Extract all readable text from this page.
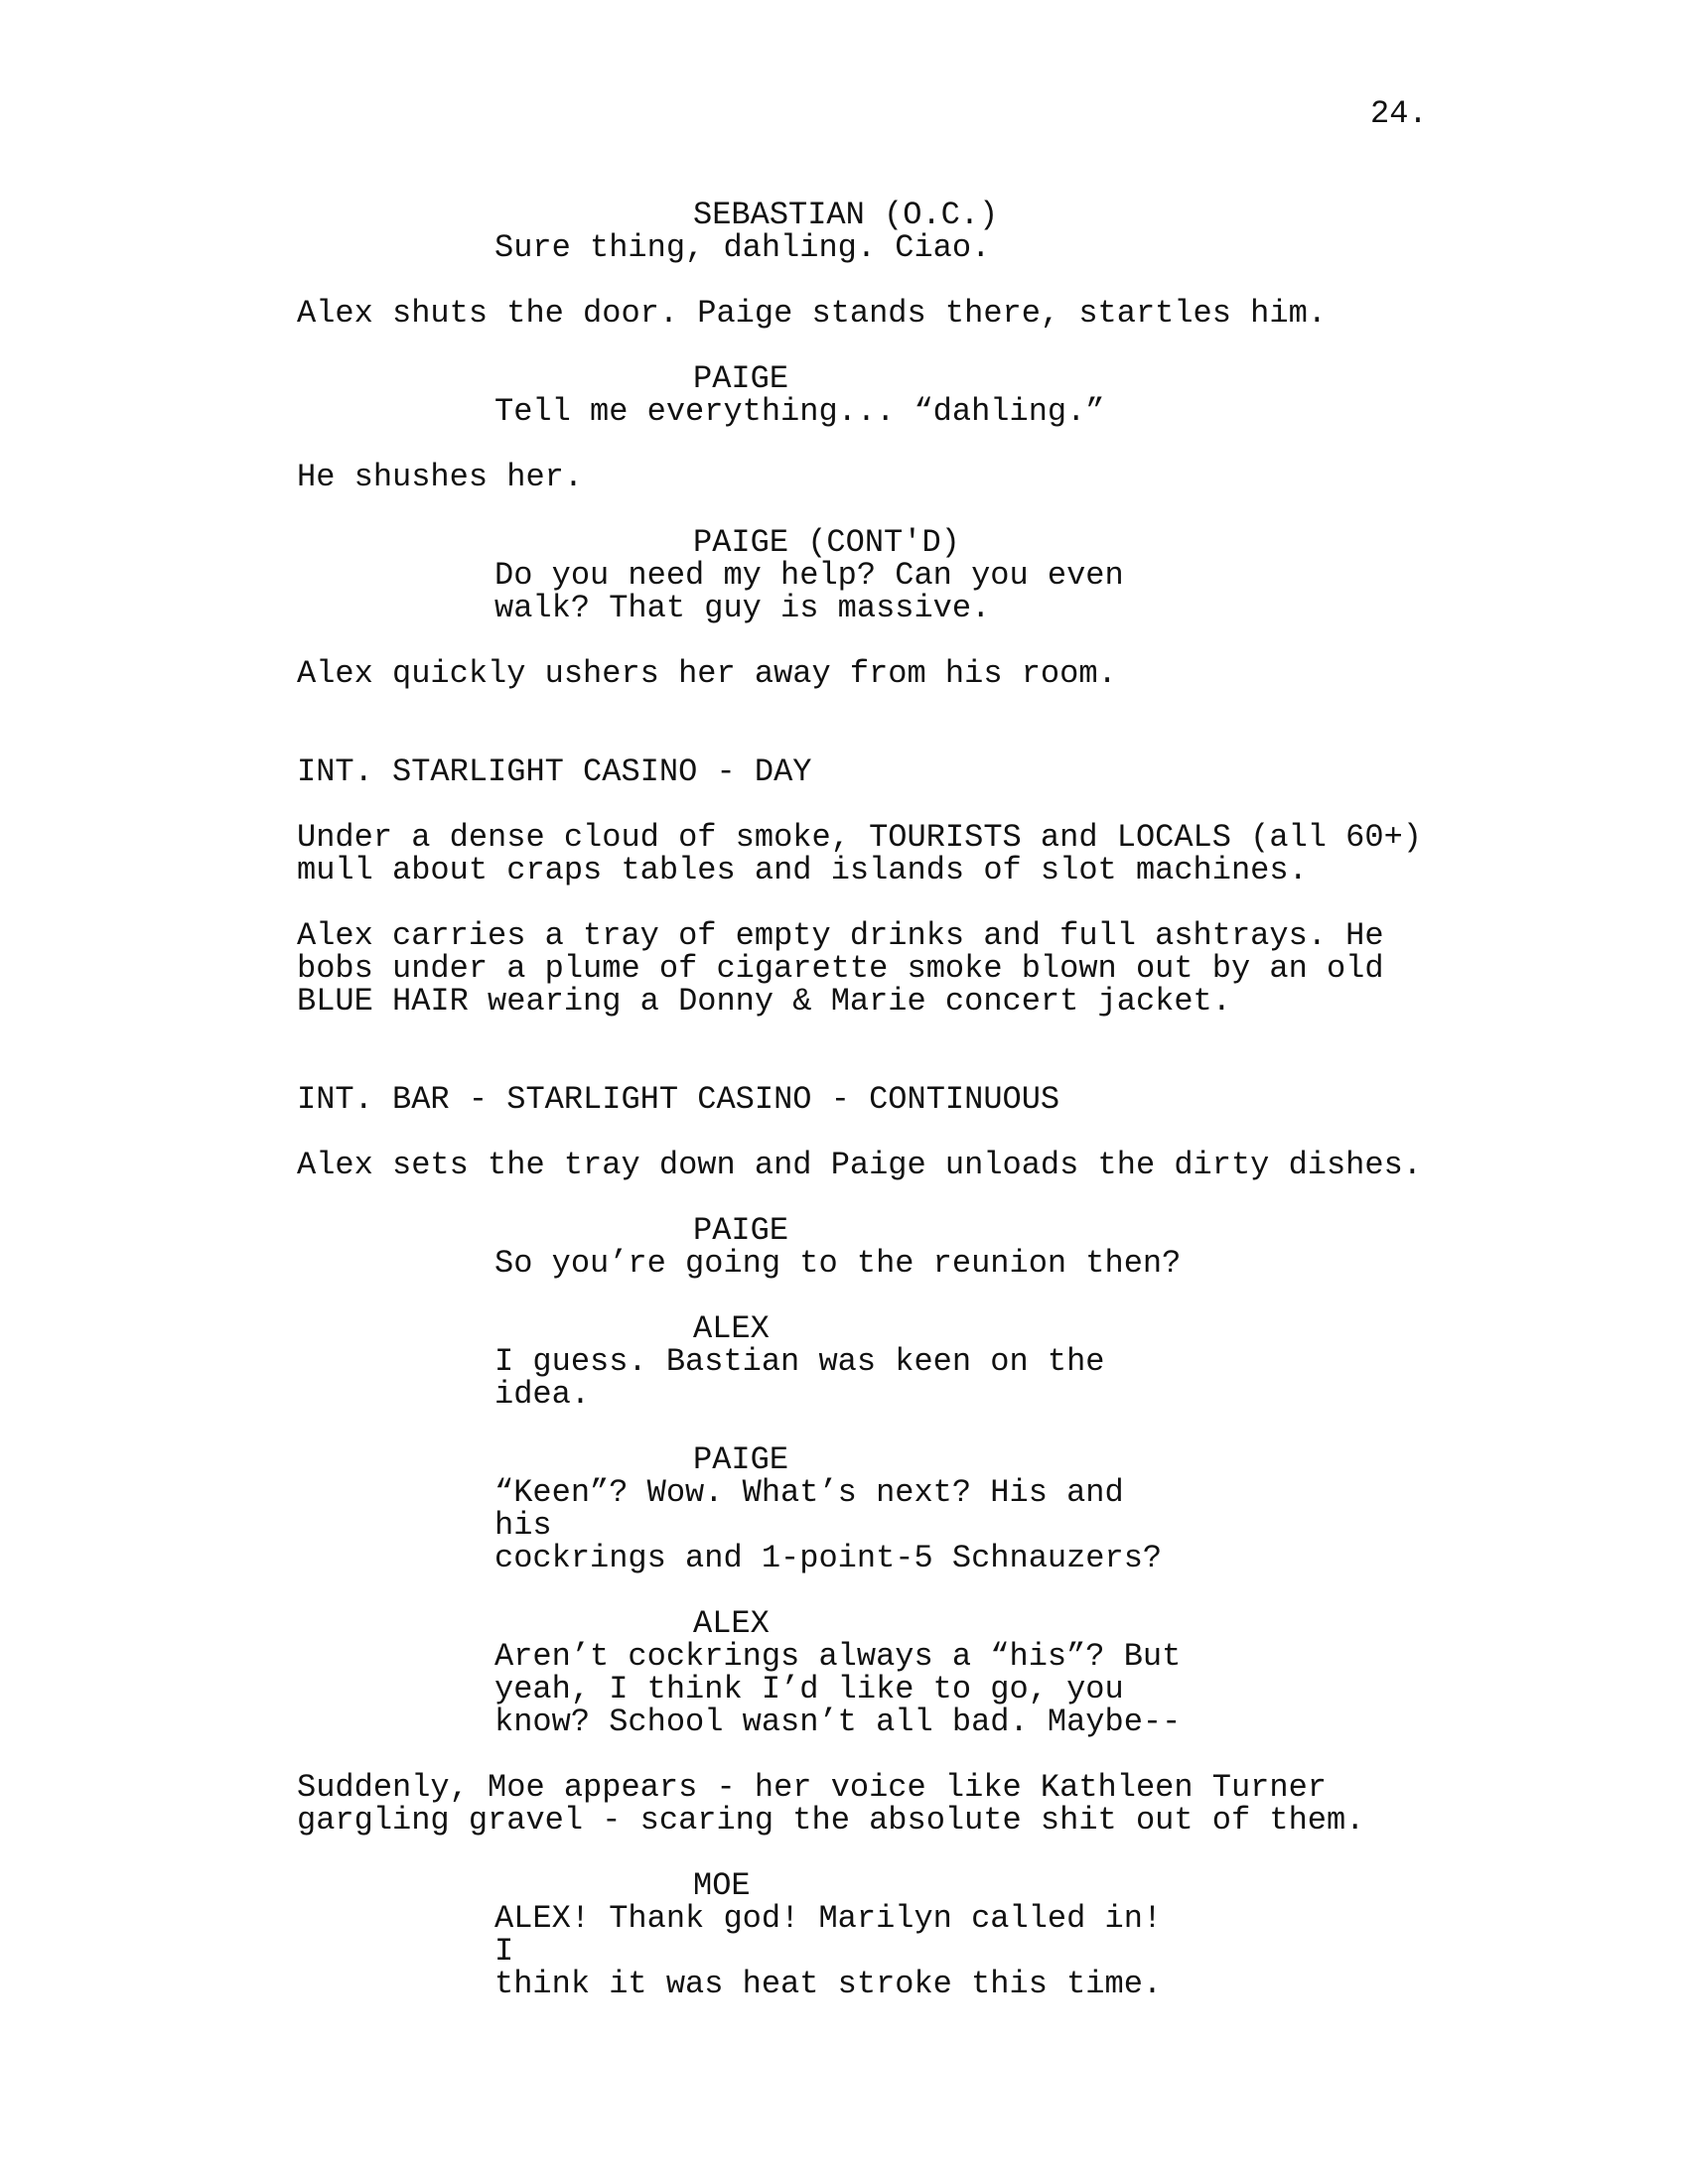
24.
SEBASTIAN (O.C.)
Sure thing, dahling. Ciao.
Alex shuts the door. Paige stands there, startles him.
PAIGE
Tell me everything... “dahling.”
He shushes her.
PAIGE (CONT'D)
Do you need my help? Can you even
walk? That guy is massive.
Alex quickly ushers her away from his room.
INT. STARLIGHT CASINO - DAY
Under a dense cloud of smoke, TOURISTS and LOCALS (all 60+)
mull about craps tables and islands of slot machines.
Alex carries a tray of empty drinks and full ashtrays. He
bobs under a plume of cigarette smoke blown out by an old
BLUE HAIR wearing a Donny & Marie concert jacket.
INT. BAR - STARLIGHT CASINO - CONTINUOUS
Alex sets the tray down and Paige unloads the dirty dishes.
PAIGE
So you’re going to the reunion then?
ALEX
I guess. Bastian was keen on the idea.
PAIGE
“Keen”? Wow. What’s next? His and his
cockrings and 1-point-5 Schnauzers?
ALEX
Aren’t cockrings always a “his”? But
yeah, I think I’d like to go, you
know? School wasn’t all bad. Maybe--
Suddenly, Moe appears - her voice like Kathleen Turner
gargling gravel - scaring the absolute shit out of them.
MOE
ALEX! Thank god! Marilyn called in! I
think it was heat stroke this time.
